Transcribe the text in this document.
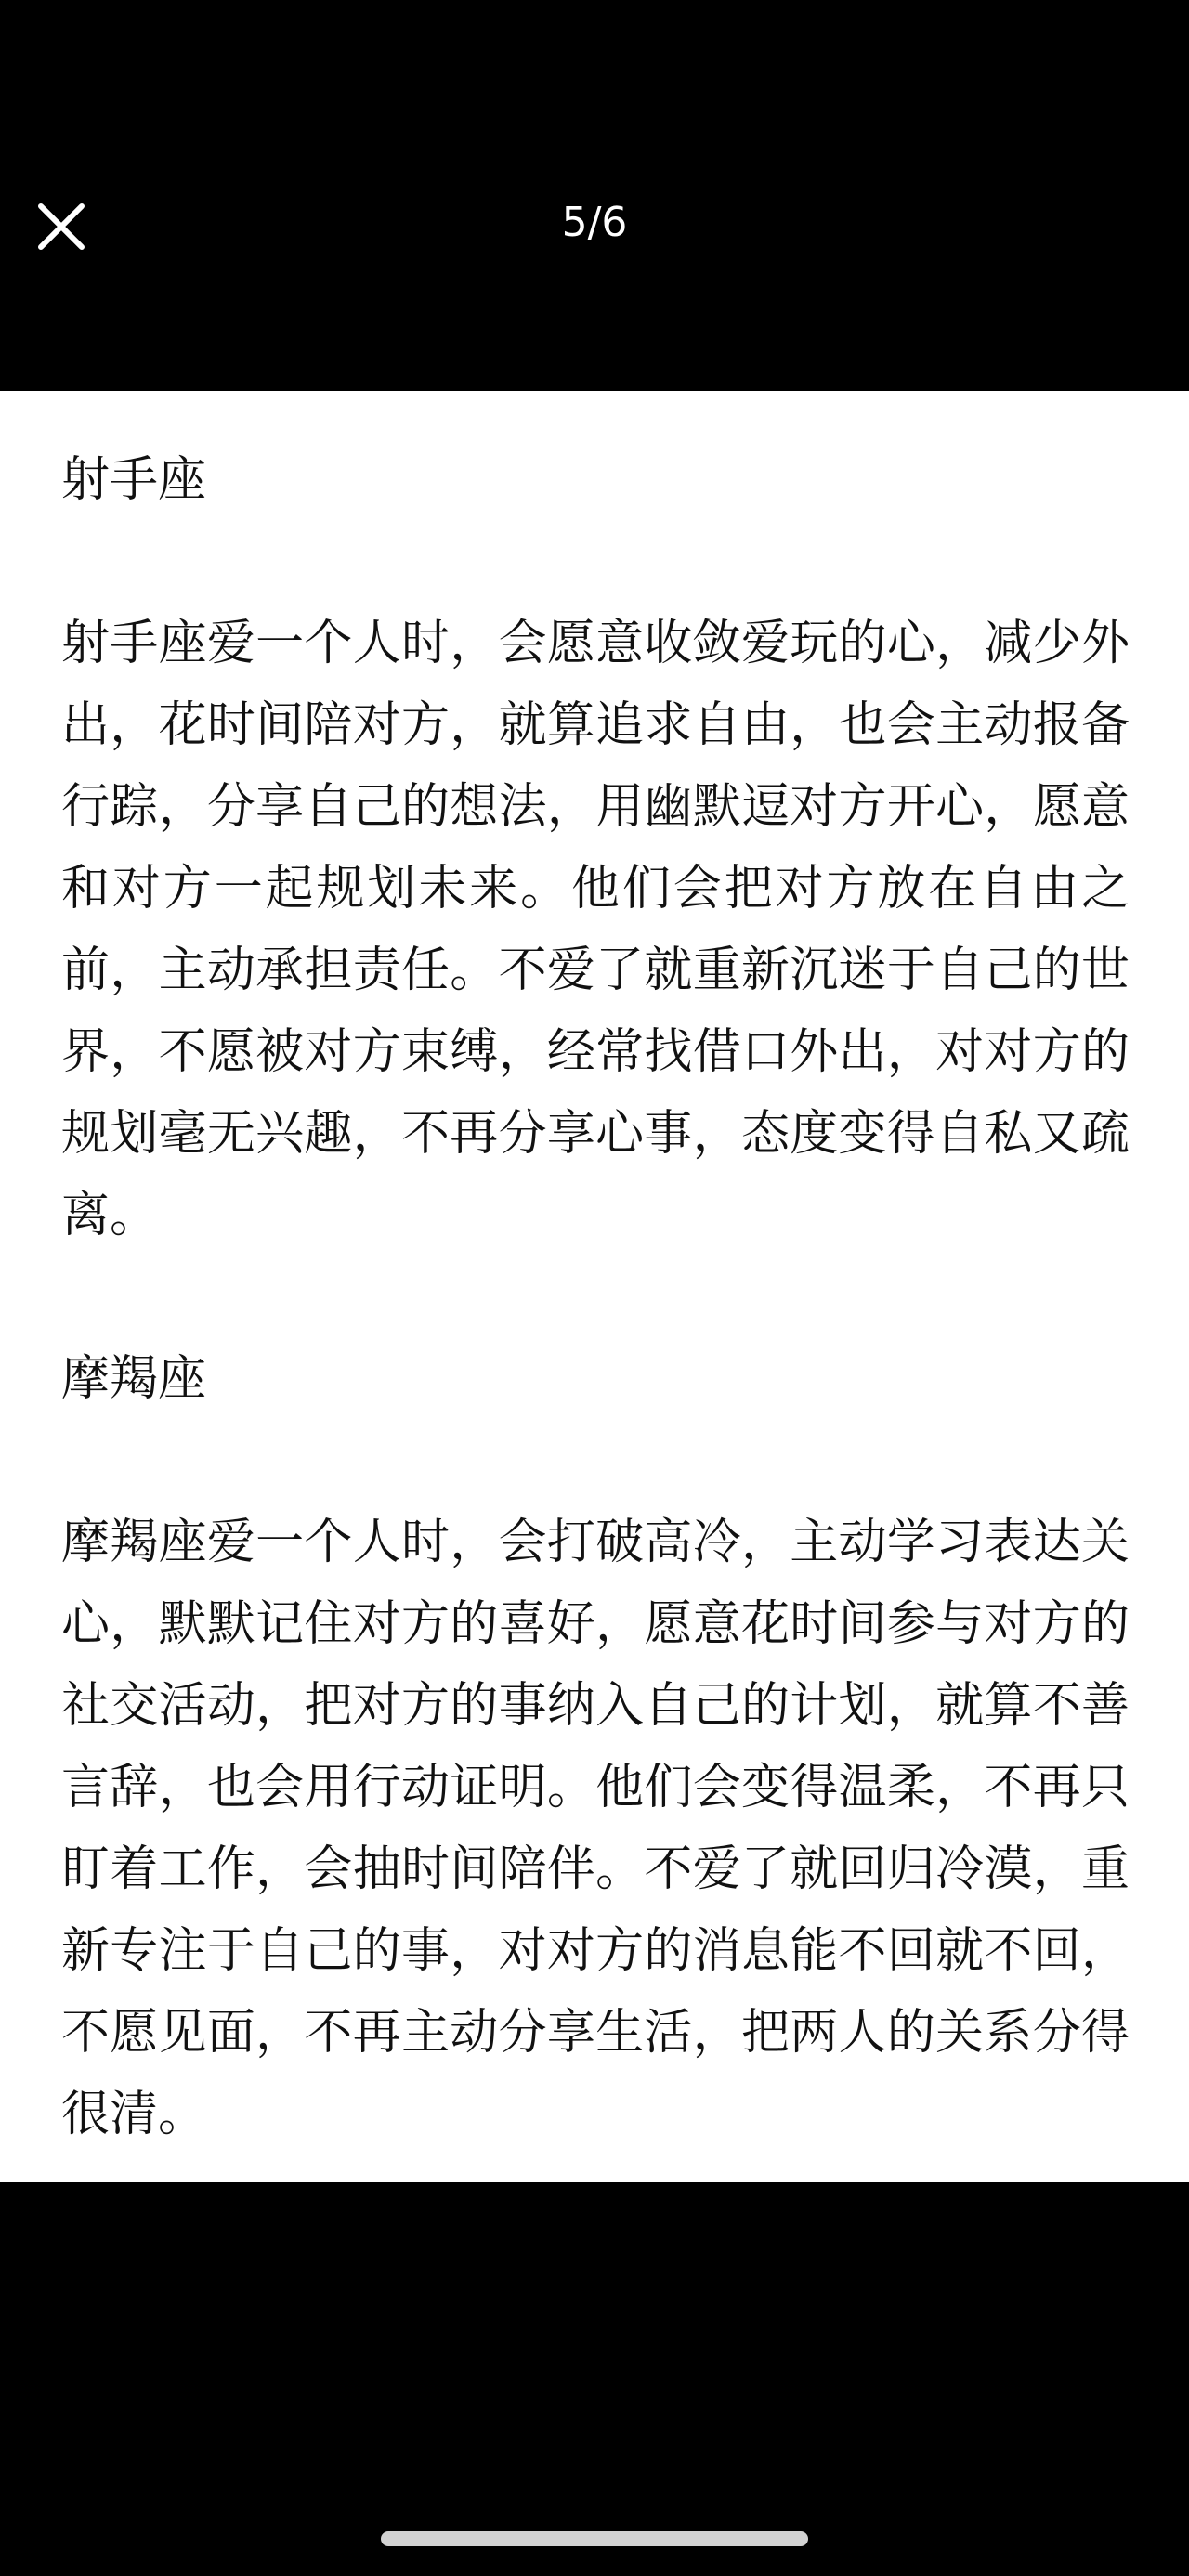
5/6
射手座

射手座爱一个人时，会愿意收敛爱玩的心，减少外出，花时间陪对方，就算追求自由，也会主动报备行踪，分享自己的想法，用幽默逗对方开心，愿意和对方一起规划未来。他们会把对方放在自由之前，主动承担责任。不爱了就重新沉迷于自己的世界，不愿被对方束缚，经常找借口外出，对对方的规划毫无兴趣，不再分享心事，态度变得自私又疏离。

摩羯座

摩羯座爱一个人时，会打破高冷，主动学习表达关心，默默记住对方的喜好，愿意花时间参与对方的社交活动，把对方的事纳入自己的计划，就算不善言辞，也会用行动证明。他们会变得温柔，不再只盯着工作，会抽时间陪伴。不爱了就回归冷漠，重新专注于自己的事，对对方的消息能不回就不回，不愿见面，不再主动分享生活，把两人的关系分得很清。
